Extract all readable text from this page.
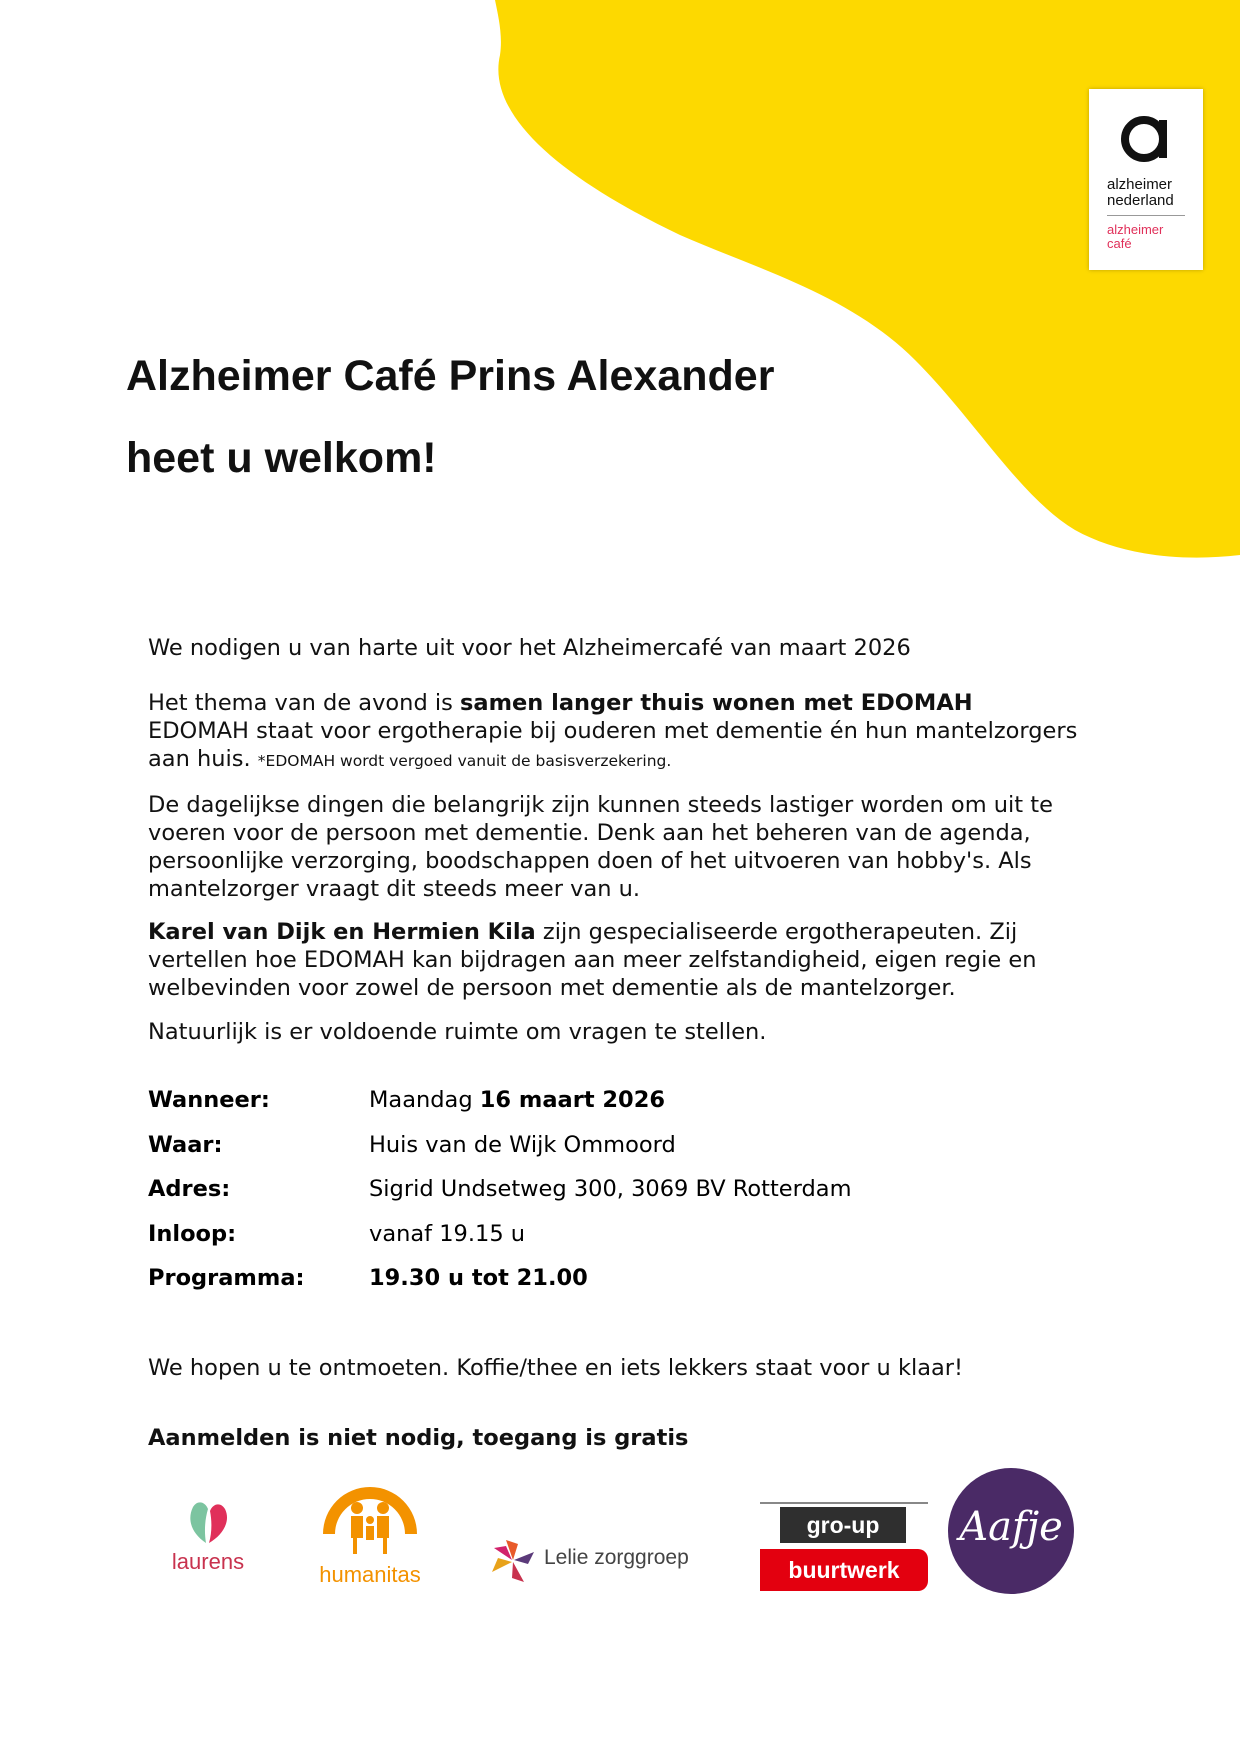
alzheimer
nederland
alzheimer
café
Alzheimer Café Prins Alexander
heet u welkom!

We nodigen u van harte uit voor het Alzheimercafé van maart 2026

Het thema van de avond is samen langer thuis wonen met EDOMAH

EDOMAH staat voor ergotherapie bij ouderen met dementie én hun mantelzorgers aan huis. *EDOMAH wordt vergoed vanuit de basisverzekering.

De dagelijkse dingen die belangrijk zijn kunnen steeds lastiger worden om uit te voeren voor de persoon met dementie. Denk aan het beheren van de agenda, persoonlijke verzorging, boodschappen doen of het uitvoeren van hobby's. Als mantelzorger vraagt dit steeds meer van u.

Karel van Dijk en Hermien Kila zijn gespecialiseerde ergotherapeuten. Zij vertellen hoe EDOMAH kan bijdragen aan meer zelfstandigheid, eigen regie en welbevinden voor zowel de persoon met dementie als de mantelzorger.

Natuurlijk is er voldoende ruimte om vragen te stellen.

Wanneer:	Maandag 16 maart 2026
Waar:	Huis van de Wijk Ommoord
Adres:	Sigrid Undsetweg 300, 3069 BV Rotterdam
Inloop:	vanaf 19.15 u
Programma:	19.30 u tot 21.00

We hopen u te ontmoeten. Koffie/thee en iets lekkers staat voor u klaar!

Aanmelden is niet nodig, toegang is gratis

laurens
humanitas
Lelie zorggroep
gro-up
buurtwerk
Aafje
